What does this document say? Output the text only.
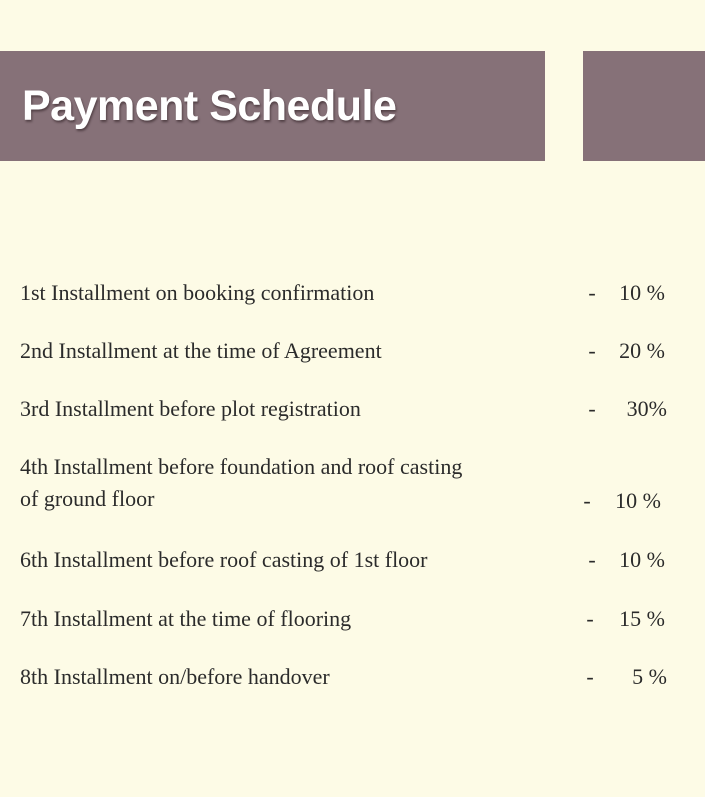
Payment Schedule
1st Installment on booking confirmation	- 10 %
2nd Installment at the time of Agreement	- 20 %
3rd Installment before plot registration	- 30%
4th Installment before foundation and roof casting of ground floor	- 10 %
6th Installment before roof casting of 1st floor	- 10 %
7th Installment at the time of flooring	- 15 %
8th Installment on/before handover	- 5 %
